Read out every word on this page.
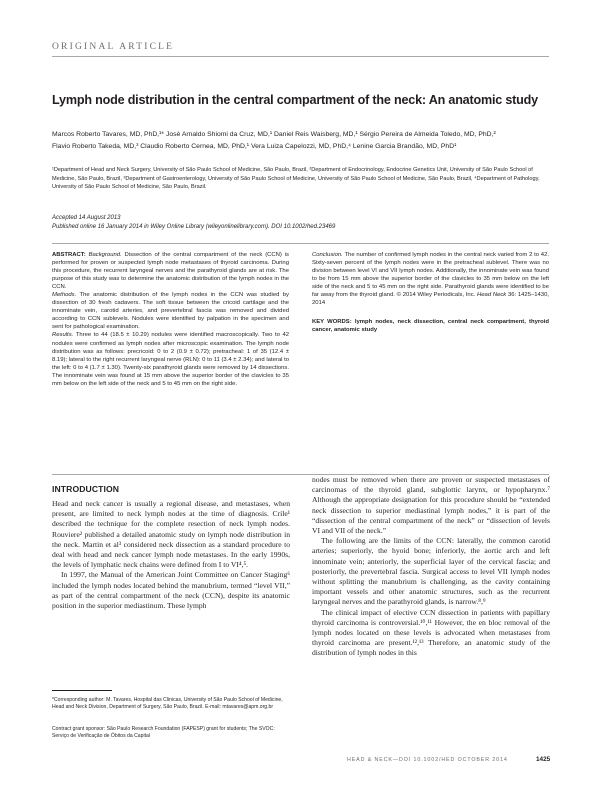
ORIGINAL ARTICLE
Lymph node distribution in the central compartment of the neck: An anatomic study
Marcos Roberto Tavares, MD, PhD,¹* José Arnaldo Shiomi da Cruz, MD,¹ Daniel Reis Waisberg, MD,¹ Sérgio Pereira de Almeida Toledo, MD, PhD,²
Flavio Roberto Takeda, MD,³ Claudio Roberto Cernea, MD, PhD,¹ Vera Luiza Capelozzi, MD, PhD,⁴ Lenine Garcia Brandão, MD, PhD¹
¹Department of Head and Neck Surgery, University of São Paulo School of Medicine, São Paulo, Brazil, ²Department of Endocrinology, Endocrine Genetics Unit, University of São Paulo School of Medicine, São Paulo, Brazil, ³Department of Gastroenterology, University of São Paulo School of Medicine, University of São Paulo School of Medicine, São Paulo, Brazil, ⁴Department of Pathology, University of São Paulo School of Medicine, São Paulo, Brazil.
Accepted 14 August 2013
Published online 16 January 2014 in Wiley Online Library (wileyonlinelibrary.com). DOI 10.1002/hed.23469

ABSTRACT: Background. Dissection of the central compartment of the neck (CCN) is performed for proven or suspected lymph node metastases of thyroid carcinoma. During this procedure, the recurrent laryngeal nerves and the parathyroid glands are at risk. The purpose of this study was to determine the anatomic distribution of the lymph nodes in the CCN.

Methods. The anatomic distribution of the lymph nodes in the CCN was studied by dissection of 30 fresh cadavers. The soft tissue between the cricoid cartilage and the innominate vein, carotid arteries, and prevertebral fascia was removed and divided according to CCN sublevels. Nodules were identified by palpation in the specimen and sent for pathological examination.

Results. Three to 44 (18.5 ± 10.29) nodules were identified macroscopically. Two to 42 nodules were confirmed as lymph nodes after microscopic examination. The lymph node distribution was as follows: precricoid: 0 to 2 (0.9 ± 0.72); pretracheal: 1 of 35 (12.4 ± 8.19); lateral to the right recurrent laryngeal nerve (RLN): 0 to 11 (3.4 ± 2.34); and lateral to the left: 0 to 4 (1.7 ± 1.30). Twenty-six parathyroid glands were removed by 14 dissections. The innominate vein was found at 15 mm above the superior border of the clavicles to 35 mm below on the left side of the neck and 5 to 45 mm on the right side.

Conclusion. The number of confirmed lymph nodes in the central neck varied from 2 to 42. Sixty-seven percent of the lymph nodes were in the pretracheal sublevel. There was no division between level VI and VII lymph nodes. Additionally, the innominate vein was found to be from 15 mm above the superior border of the clavicles to 35 mm below on the left side of the neck and 5 to 45 mm on the right side. Parathyroid glands were identified to be far away from the thyroid gland. © 2014 Wiley Periodicals, Inc. Head Neck 36: 1425–1430, 2014

KEY WORDS: lymph nodes, neck dissection, central neck compartment, thyroid cancer, anatomic study

INTRODUCTION

Head and neck cancer is usually a regional disease, and metastases, when present, are limited to neck lymph nodes at the time of diagnosis. Crile¹ described the technique for the complete resection of neck lymph nodes. Rouviere² published a detailed anatomic study on lymph node distribution in the neck. Martin et al³ considered neck dissection as a standard procedure to deal with head and neck cancer lymph node metastases. In the early 1990s, the levels of lymphatic neck chains were defined from I to VI⁴,⁵.

In 1997, the Manual of the American Joint Committee on Cancer Staging⁶ included the lymph nodes located behind the manubrium, termed “level VII,” as part of the central compartment of the neck (CCN), despite its anatomic position in the superior mediastinum. These lymph

nodes must be removed when there are proven or suspected metastases of carcinomas of the thyroid gland, subglottic larynx, or hypopharynx.⁷ Although the appropriate designation for this procedure should be “extended neck dissection to superior mediastinal lymph nodes,” it is part of the “dissection of the central compartment of the neck” or “dissection of levels VI and VII of the neck.”

The following are the limits of the CCN: laterally, the common carotid arteries; superiorly, the hyoid bone; inferiorly, the aortic arch and left innominate vein; anteriorly, the superficial layer of the cervical fascia; and posteriorly, the prevertebral fascia. Surgical access to level VII lymph nodes without splitting the manubrium is challenging, as the cavity containing important vessels and other anatomic structures, such as the recurrent laryngeal nerves and the parathyroid glands, is narrow.⁸,⁹

The clinical impact of elective CCN dissection in patients with papillary thyroid carcinoma is controversial.¹⁰,¹¹ However, the en bloc removal of the lymph nodes located on these levels is advocated when metastases from thyroid carcinoma are present.¹²,¹³ Therefore, an anatomic study of the distribution of lymph nodes in this

*Corresponding author: M. Tavares, Hospital das Clinicas, University of São Paulo School of Medicine, Head and Neck Division, Department of Surgery, São Paulo, Brazil. E-mail: mtavares@apm.org.br
Contract grant sponsor: São Paulo Research Foundation (FAPESP) grant for students; The SVOC: Serviço de Verificação de Óbitos da Capital
HEAD & NECK—DOI 10.1002/HED OCTOBER 2014	1425
